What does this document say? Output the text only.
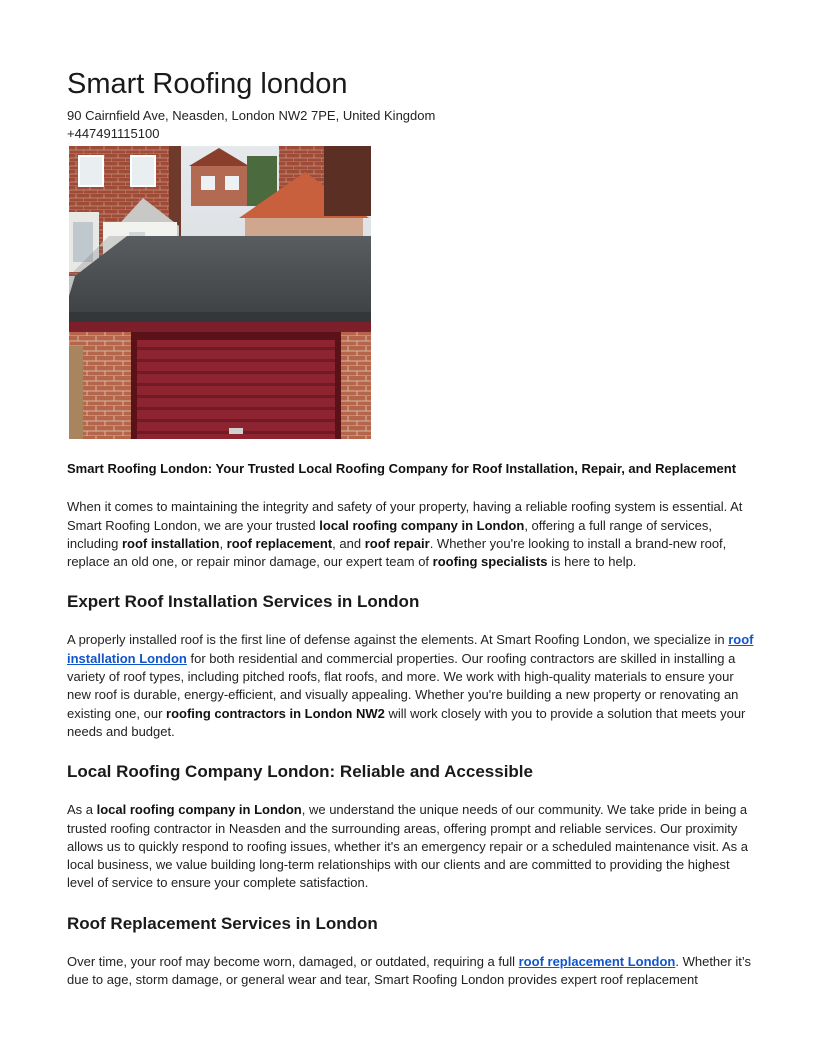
Smart Roofing london
90 Cairnfield Ave, Neasden, London NW2 7PE, United Kingdom
+447491115100

Smart Roofing London: Your Trusted Local Roofing Company for Roof Installation, Repair, and Replacement

When it comes to maintaining the integrity and safety of your property, having a reliable roofing system is essential. At Smart Roofing London, we are your trusted local roofing company in London, offering a full range of services, including roof installation, roof replacement, and roof repair. Whether you're looking to install a brand-new roof, replace an old one, or repair minor damage, our expert team of roofing specialists is here to help.

Expert Roof Installation Services in London

A properly installed roof is the first line of defense against the elements. At Smart Roofing London, we specialize in roof installation London for both residential and commercial properties. Our roofing contractors are skilled in installing a variety of roof types, including pitched roofs, flat roofs, and more. We work with high-quality materials to ensure your new roof is durable, energy-efficient, and visually appealing. Whether you're building a new property or renovating an existing one, our roofing contractors in London NW2 will work closely with you to provide a solution that meets your needs and budget.

Local Roofing Company London: Reliable and Accessible

As a local roofing company in London, we understand the unique needs of our community. We take pride in being a trusted roofing contractor in Neasden and the surrounding areas, offering prompt and reliable services. Our proximity allows us to quickly respond to roofing issues, whether it's an emergency repair or a scheduled maintenance visit. As a local business, we value building long-term relationships with our clients and are committed to providing the highest level of service to ensure your complete satisfaction.

Roof Replacement Services in London

Over time, your roof may become worn, damaged, or outdated, requiring a full roof replacement London. Whether it’s due to age, storm damage, or general wear and tear, Smart Roofing London provides expert roof replacement
